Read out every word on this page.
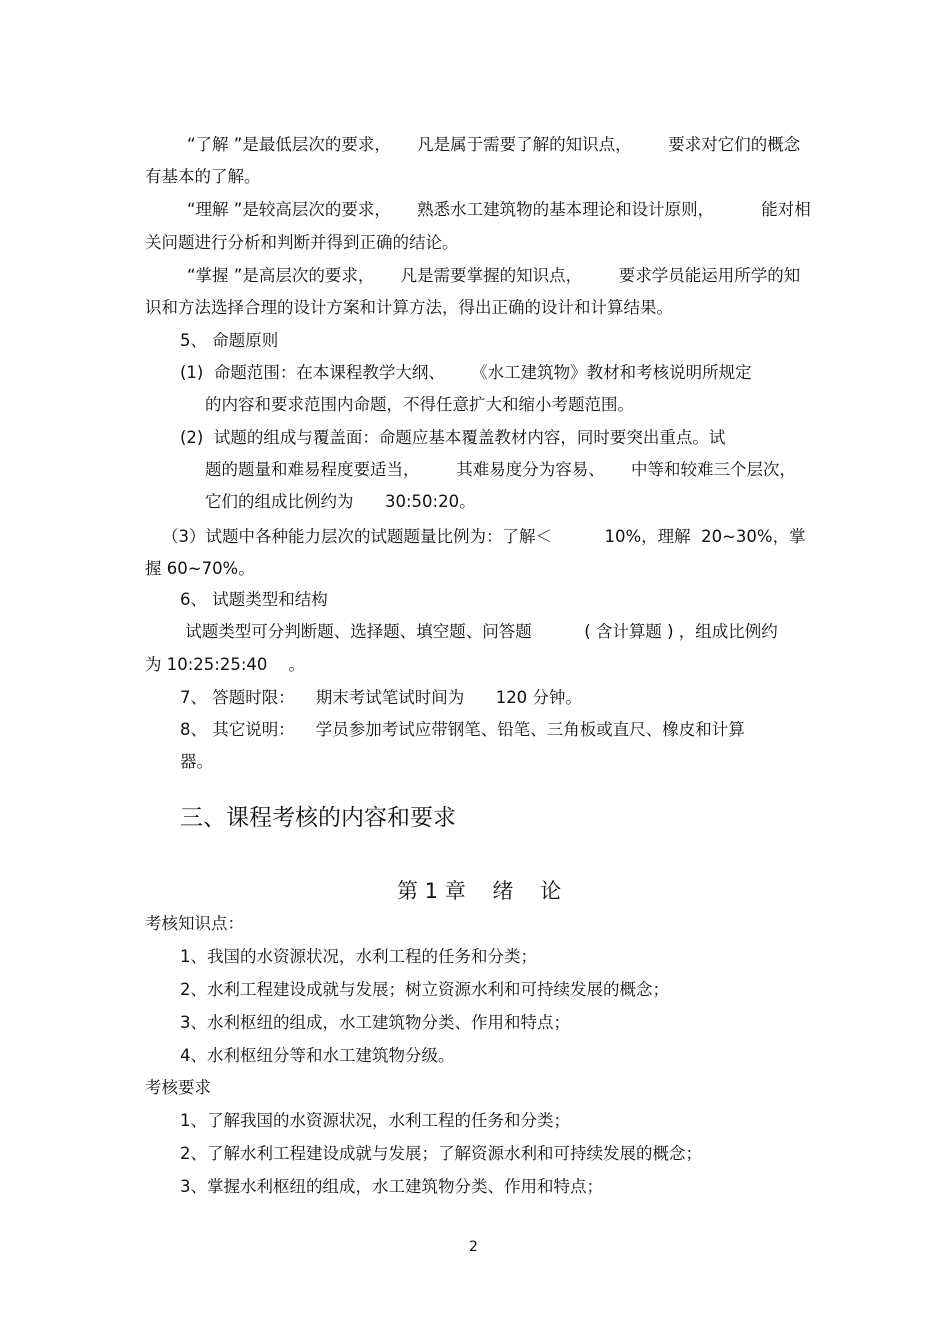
“了解 ”是最低层次的要求，     凡是属于需要了解的知识点，       要求对它们的概念
有基本的了解。
“理解 ”是较高层次的要求，     熟悉水工建筑物的基本理论和设计原则，         能对相
关问题进行分析和判断并得到正确的结论。
“掌握 ”是高层次的要求，     凡是需要掌握的知识点，       要求学员能运用所学的知
识和方法选择合理的设计方案和计算方法，得出正确的设计和计算结果。
5、 命题原则
(1)  命题范围：在本课程教学大纲、     《水工建筑物》教材和考核说明所规定
的内容和要求范围内命题，不得任意扩大和缩小考题范围。
(2)  试题的组成与覆盖面：命题应基本覆盖教材内容，同时要突出重点。试
题的题量和难易程度要适当，       其难易度分为容易、     中等和较难三个层次，
它们的组成比例约为      30:50:20。
（3）试题中各种能力层次的试题题量比例为：了解＜          10%，理解  20~30%，掌
握 60~70%。
6、 试题类型和结构
试题类型可分判断题、选择题、填空题、问答题          ( 含计算题 ) ，组成比例约
为 10:25:25:40    。
7、 答题时限：    期末考试笔试时间为      120 分钟。
8、 其它说明：    学员参加考试应带钢笔、铅笔、三角板或直尺、橡皮和计算
器。
三、课程考核的内容和要求
第 1 章    绪    论
考核知识点：
1、我国的水资源状况，水利工程的任务和分类；
2、水利工程建设成就与发展；树立资源水利和可持续发展的概念；
3、水利枢纽的组成，水工建筑物分类、作用和特点；
4、水利枢纽分等和水工建筑物分级。
考核要求
1、了解我国的水资源状况，水利工程的任务和分类；
2、了解水利工程建设成就与发展；了解资源水利和可持续发展的概念；
3、掌握水利枢纽的组成，水工建筑物分类、作用和特点；
2
